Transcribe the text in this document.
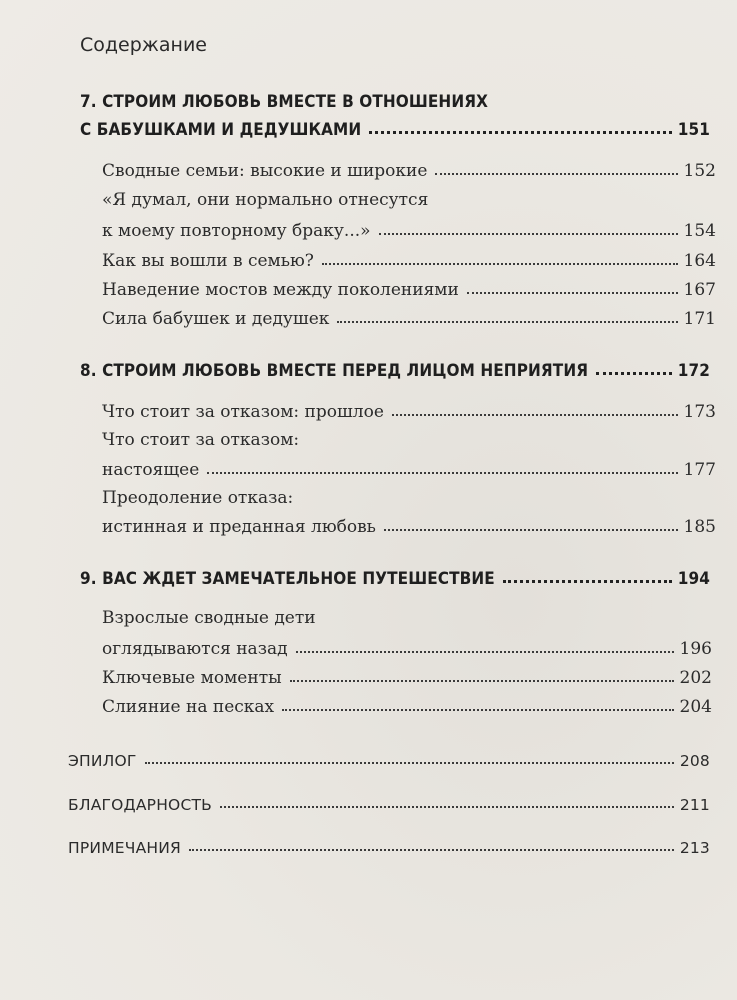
Содержание
7. СТРОИМ ЛЮБОВЬ ВМЕСТЕ В ОТНОШЕНИЯХ
С БАБУШКАМИ И ДЕДУШКАМИ	151
Сводные семьи: высокие и широкие	152
«Я думал, они нормально отнесутся
к моему повторному браку...»	154
Как вы вошли в семью?	164
Наведение мостов между поколениями	167
Сила бабушек и дедушек	171
8. СТРОИМ ЛЮБОВЬ ВМЕСТЕ ПЕРЕД ЛИЦОМ НЕПРИЯТИЯ	172
Что стоит за отказом: прошлое	173
Что стоит за отказом:
настоящее	177
Преодоление отказа:
истинная и преданная любовь	185
9. ВАС ЖДЕТ ЗАМЕЧАТЕЛЬНОЕ ПУТЕШЕСТВИЕ	194
Взрослые сводные дети
оглядываются назад	196
Ключевые моменты	202
Слияние на песках	204
ЭПИЛОГ	208
БЛАГОДАРНОСТЬ	211
ПРИМЕЧАНИЯ	213
